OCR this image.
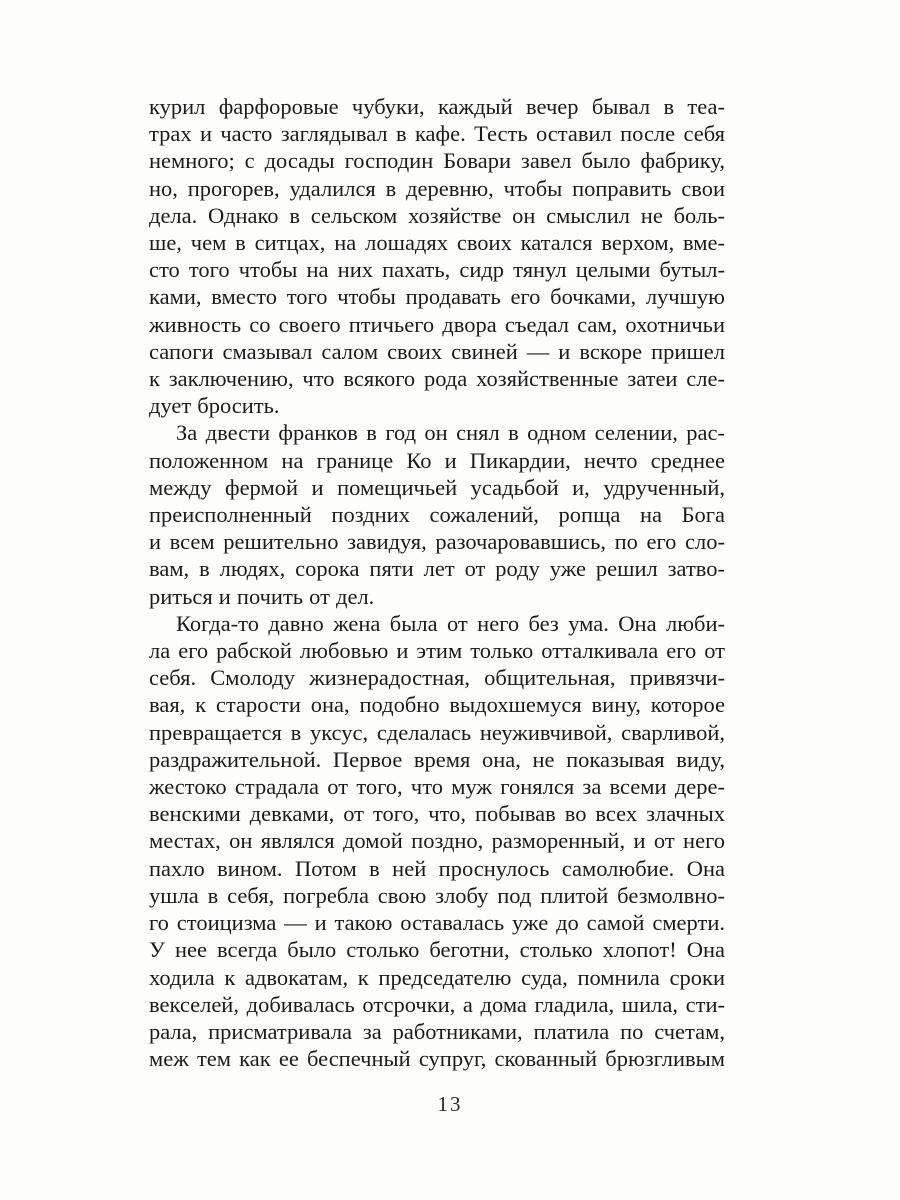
курил фарфоровые чубуки, каждый вечер бывал в теа-
трах и часто заглядывал в кафе. Тесть оставил после себя
немного; с досады господин Бовари завел было фабрику,
но, прогорев, удалился в деревню, чтобы поправить свои
дела. Однако в сельском хозяйстве он смыслил не боль-
ше, чем в ситцах, на лошадях своих катался верхом, вме-
сто того чтобы на них пахать, сидр тянул целыми бутыл-
ками, вместо того чтобы продавать его бочками, лучшую
живность со своего птичьего двора съедал сам, охотничьи
сапоги смазывал салом своих свиней — и вскоре пришел
к заключению, что всякого рода хозяйственные затеи сле-
дует бросить.
За двести франков в год он снял в одном селении, рас-
положенном на границе Ко и Пикардии, нечто среднее
между фермой и помещичьей усадьбой и, удрученный,
преисполненный поздних сожалений, ропща на Бога
и всем решительно завидуя, разочаровавшись, по его сло-
вам, в людях, сорока пяти лет от роду уже решил затво-
риться и почить от дел.
Когда-то давно жена была от него без ума. Она люби-
ла его рабской любовью и этим только отталкивала его от
себя. Смолоду жизнерадостная, общительная, привязчи-
вая, к старости она, подобно выдохшемуся вину, которое
превращается в уксус, сделалась неуживчивой, сварливой,
раздражительной. Первое время она, не показывая виду,
жестоко страдала от того, что муж гонялся за всеми дере-
венскими девками, от того, что, побывав во всех злачных
местах, он являлся домой поздно, разморенный, и от него
пахло вином. Потом в ней проснулось самолюбие. Она
ушла в себя, погребла свою злобу под плитой безмолвно-
го стоицизма — и такою оставалась уже до самой смерти.
У нее всегда было столько беготни, столько хлопот! Она
ходила к адвокатам, к председателю суда, помнила сроки
векселей, добивалась отсрочки, а дома гладила, шила, сти-
рала, присматривала за работниками, платила по счетам,
меж тем как ее беспечный супруг, скованный брюзгливым
13
